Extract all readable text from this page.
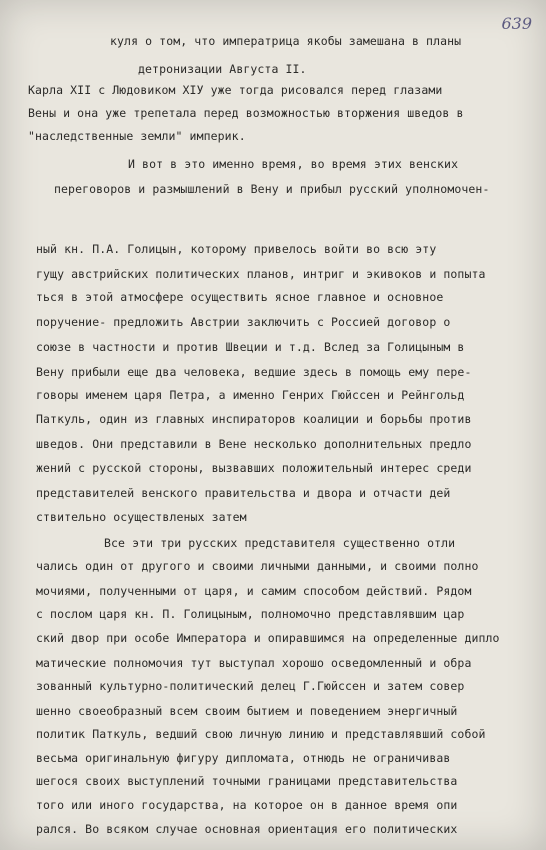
639
куля о том, что императрица якобы замешана в планы
детронизации Августа II.
Карла XII с Людовиком XIУ уже тогда рисовался перед глазами
Вены и она уже трепетала перед возможностью вторжения шведов в
"наследственные земли" империк.
И вот в это именно время, во время этих венских
переговоров и размышлений в Вену и прибыл русский уполномочен-
ный кн. П.А. Голицын, которому привелось войти во всю эту
гущу австрийских политических планов, интриг и экивоков и попыта
ться в этой атмосфере осуществить ясное главное и основное
поручение- предложить Австрии заключить с Россией договор о
союзе в частности и против Швеции и т.д. Вслед за Голицыным в
Вену прибыли еще два человека, ведшие здесь в помощь ему пере-
говоры именем царя Петра, а именно Генрих Гюйссен и Рейнгольд
Паткуль, один из главных инспираторов коалиции и борьбы против
шведов. Они представили в Вене несколько дополнительных предло
жений с русской стороны, вызвавших положительный интерес среди
представителей венского правительства и двора и отчасти дей
ствительно осуществленых затем
Все эти три русских представителя существенно отли
чались один от другого и своими личными данными, и своими полно
мочиями, полученными от царя, и самим способом действий. Рядом
с послом царя кн. П. Голицыным, полномочно представлявшим цар
ский двор при особе Императора и опиравшимся на определенные дипло
матические полномочия тут выступал хорошо осведомленный и обра
зованный культурно-политический делец Г.Гюйссен и затем совер
шенно своеобразный всем своим бытием и поведением энергичный
политик Паткуль, ведший свою личную линию и представлявший собой
весьма оригинальную фигуру дипломата, отнюдь не ограничивав
шегося своих выступлений точными границами представительства
того или иного государства, на которое он в данное время опи
рался. Во всяком случае основная ориентация его политических
